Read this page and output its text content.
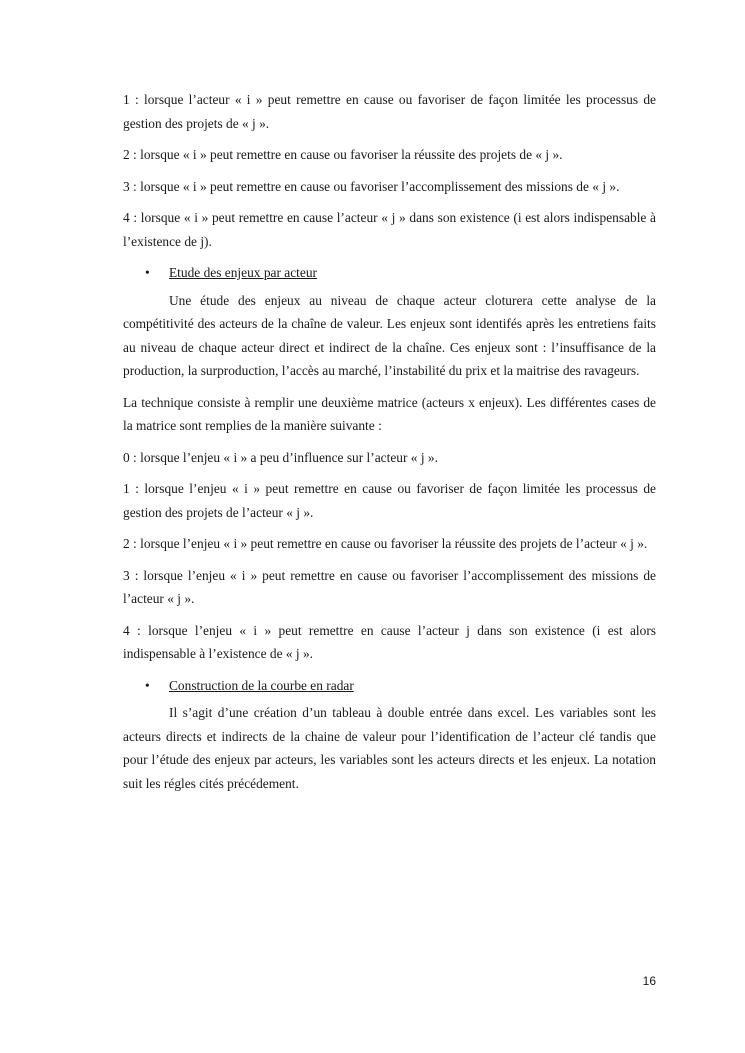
1 : lorsque l’acteur « i » peut remettre en cause ou favoriser de façon limitée les processus de gestion des projets de « j ».

2 : lorsque « i » peut remettre en cause ou favoriser la réussite des projets de « j ».

3 : lorsque « i » peut remettre en cause ou favoriser l’accomplissement des missions de « j ».

4 : lorsque « i » peut remettre en cause l’acteur « j » dans son existence (i est alors indispensable à l’existence de j).

• Etude des enjeux par acteur

Une étude des enjeux au niveau de chaque acteur cloturera cette analyse de la compétitivité des acteurs de la chaîne de valeur. Les enjeux sont identifés après les entretiens faits au niveau de chaque acteur direct et indirect de la chaîne. Ces enjeux sont : l’insuffisance de la production, la surproduction, l’accès au marché, l’instabilité du prix et la maitrise des ravageurs.

La technique consiste à remplir une deuxième matrice (acteurs x enjeux). Les différentes cases de la matrice sont remplies de la manière suivante :

0 : lorsque l’enjeu « i » a peu d’influence sur l’acteur « j ».

1 : lorsque l’enjeu « i » peut remettre en cause ou favoriser de façon limitée les processus de gestion des projets de l’acteur « j ».

2 : lorsque l’enjeu « i » peut remettre en cause ou favoriser la réussite des projets de l’acteur « j ».

3 : lorsque l’enjeu « i » peut remettre en cause ou favoriser l’accomplissement des missions de l’acteur « j ».

4 : lorsque l’enjeu « i » peut remettre en cause l’acteur j dans son existence (i est alors indispensable à l’existence de « j ».

• Construction de la courbe en radar

Il s’agit d’une création d’un tableau à double entrée dans excel. Les variables sont les acteurs directs et indirects de la chaine de valeur pour l’identification de l’acteur clé tandis que pour l’étude des enjeux par acteurs, les variables sont les acteurs directs et les enjeux. La notation suit les régles cités précédement.

16
